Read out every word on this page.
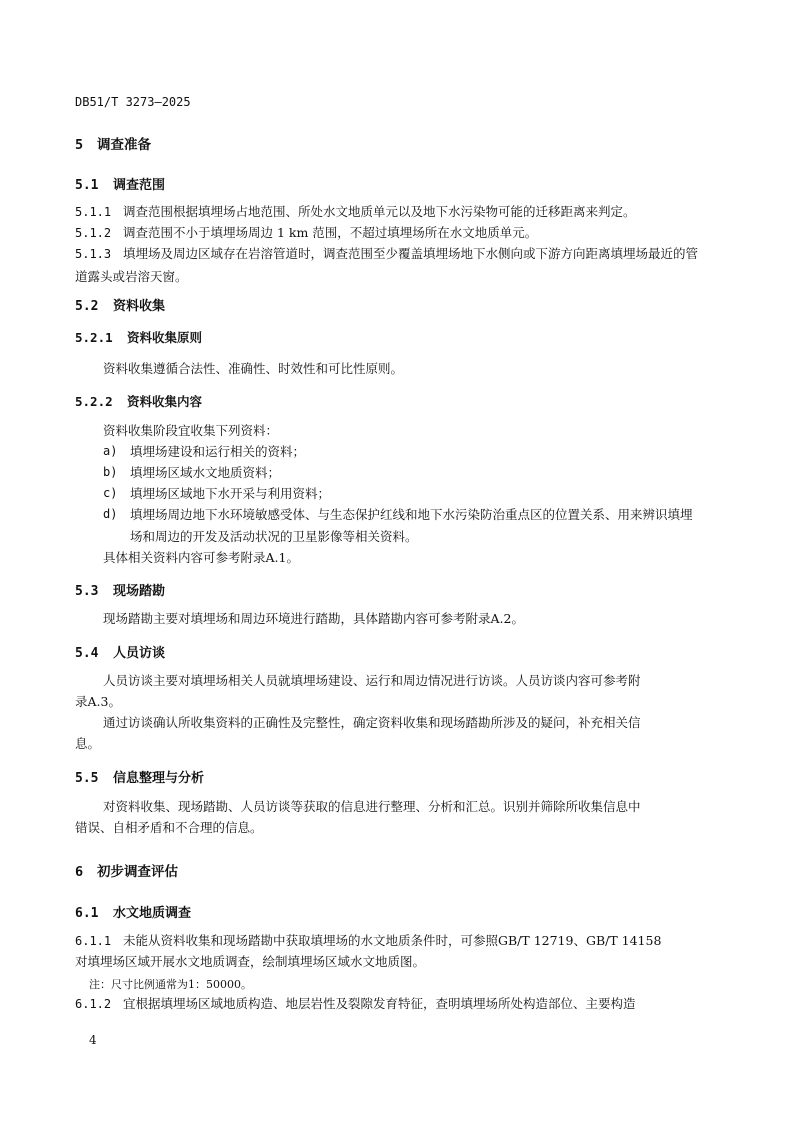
DB51/T 3273—2025
5 调查准备
5.1 调查范围
5.1.1 调查范围根据填埋场占地范围、所处水文地质单元以及地下水污染物可能的迁移距离来判定。
5.1.2 调查范围不小于填埋场周边 1 km 范围，不超过填埋场所在水文地质单元。
5.1.3 填埋场及周边区域存在岩溶管道时，调查范围至少覆盖填埋场地下水侧向或下游方向距离填埋场最近的管道露头或岩溶天窗。
5.2 资料收集
5.2.1 资料收集原则
资料收集遵循合法性、准确性、时效性和可比性原则。
5.2.2 资料收集内容
资料收集阶段宜收集下列资料：
a) 填埋场建设和运行相关的资料；
b) 填埋场区域水文地质资料；
c) 填埋场区域地下水开采与利用资料；
d) 填埋场周边地下水环境敏感受体、与生态保护红线和地下水污染防治重点区的位置关系、用来辨识填埋场和周边的开发及活动状况的卫星影像等相关资料。
具体相关资料内容可参考附录A.1。
5.3 现场踏勘
现场踏勘主要对填埋场和周边环境进行踏勘，具体踏勘内容可参考附录A.2。
5.4 人员访谈
人员访谈主要对填埋场相关人员就填埋场建设、运行和周边情况进行访谈。人员访谈内容可参考附
录A.3。
通过访谈确认所收集资料的正确性及完整性，确定资料收集和现场踏勘所涉及的疑问，补充相关信
息。
5.5 信息整理与分析
对资料收集、现场踏勘、人员访谈等获取的信息进行整理、分析和汇总。识别并筛除所收集信息中
错误、自相矛盾和不合理的信息。
6 初步调查评估
6.1 水文地质调查
6.1.1 未能从资料收集和现场踏勘中获取填埋场的水文地质条件时，可参照GB/T 12719、GB/T 14158
对填埋场区域开展水文地质调查，绘制填埋场区域水文地质图。
注：尺寸比例通常为1：50000。
6.1.2 宜根据填埋场区域地质构造、地层岩性及裂隙发育特征，查明填埋场所处构造部位、主要构造
4
